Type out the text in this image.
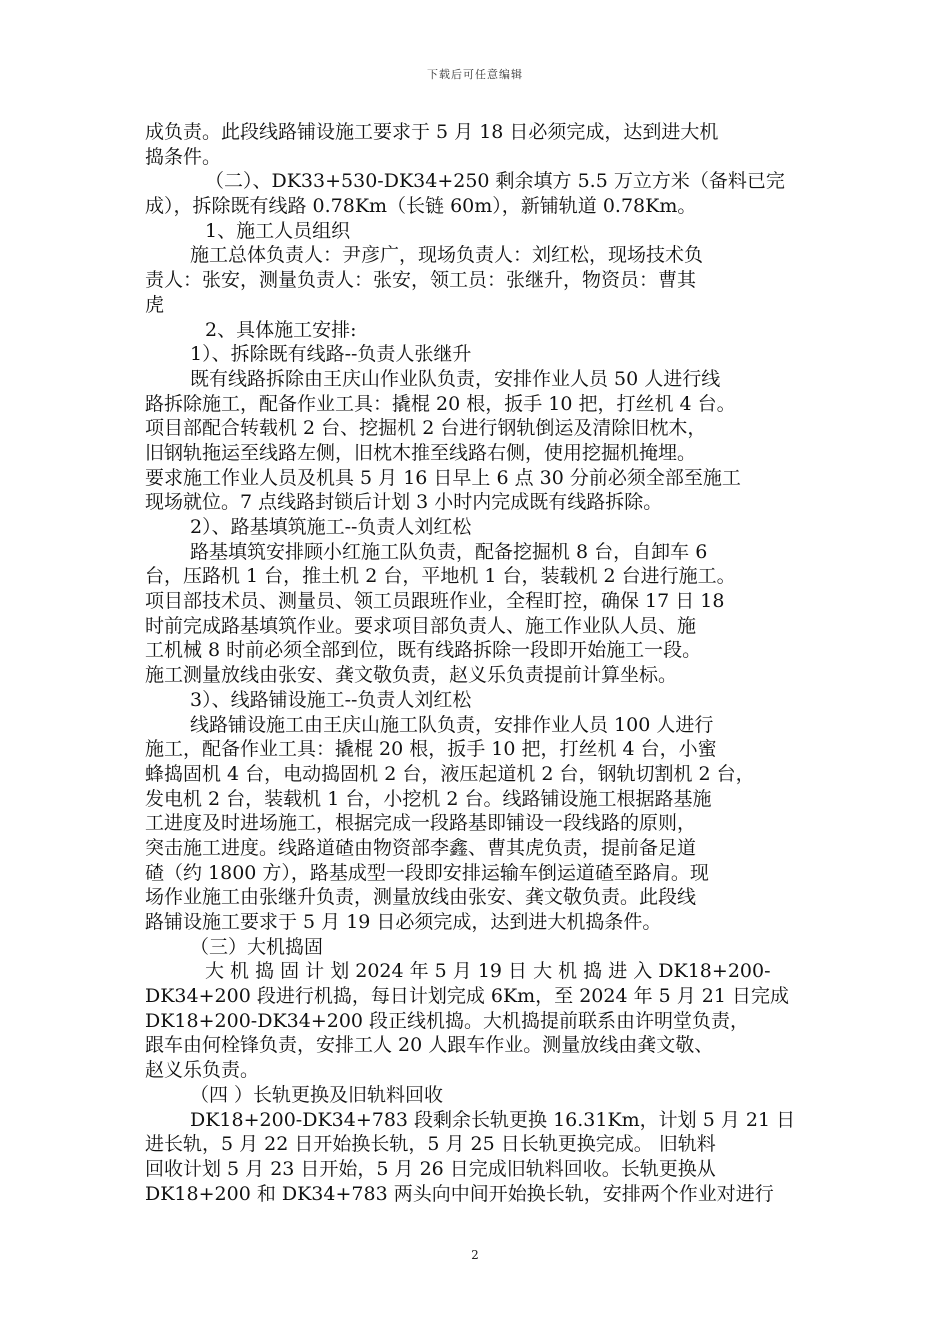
下载后可任意编辑
成负责。此段线路铺设施工要求于 5 月 18 日必须完成，达到进大机
捣条件。
（二）、DK33+530-DK34+250 剩余填方 5.5 万立方米（备料已完
成），拆除既有线路 0.78Km（长链 60m），新铺轨道 0.78Km。
1、施工人员组织
施工总体负责人：尹彦广，现场负责人：刘红松，现场技术负
责人：张安，测量负责人：张安，领工员：张继升，物资员：曹其
虎
2、具体施工安排:
1）、拆除既有线路--负责人张继升
既有线路拆除由王庆山作业队负责，安排作业人员 50 人进行线
路拆除施工，配备作业工具：撬棍 20 根，扳手 10 把，打丝机 4 台。
项目部配合转载机 2 台、挖掘机 2 台进行钢轨倒运及清除旧枕木，
旧钢轨拖运至线路左侧，旧枕木推至线路右侧，使用挖掘机掩埋。
要求施工作业人员及机具 5 月 16 日早上 6 点 30 分前必须全部至施工
现场就位。7 点线路封锁后计划 3 小时内完成既有线路拆除。
2）、路基填筑施工--负责人刘红松
路基填筑安排顾小红施工队负责，配备挖掘机 8 台，自卸车 6
台，压路机 1 台，推土机 2 台，平地机 1 台，装载机 2 台进行施工。
项目部技术员、测量员、领工员跟班作业，全程盯控，确保 17 日 18
时前完成路基填筑作业。要求项目部负责人、施工作业队人员、施
工机械 8 时前必须全部到位，既有线路拆除一段即开始施工一段。
施工测量放线由张安、龚文敬负责，赵义乐负责提前计算坐标。
3）、线路铺设施工--负责人刘红松
线路铺设施工由王庆山施工队负责，安排作业人员 100 人进行
施工，配备作业工具：撬棍 20 根，扳手 10 把，打丝机 4 台，小蜜
蜂捣固机 4 台，电动捣固机 2 台，液压起道机 2 台，钢轨切割机 2 台，
发电机 2 台，装载机 1 台，小挖机 2 台。线路铺设施工根据路基施
工进度及时进场施工，根据完成一段路基即铺设一段线路的原则，
突击施工进度。线路道碴由物资部李鑫、曹其虎负责，提前备足道
碴（约 1800 方），路基成型一段即安排运输车倒运道碴至路肩。现
场作业施工由张继升负责，测量放线由张安、龚文敬负责。此段线
路铺设施工要求于 5 月 19 日必须完成，达到进大机捣条件。
（三）大机捣固
大 机 捣 固 计 划 2024 年 5 月 19 日 大 机 捣 进 入 DK18+200-
DK34+200 段进行机捣，每日计划完成 6Km，至 2024 年 5 月 21 日完成
DK18+200-DK34+200 段正线机捣。大机捣提前联系由许明堂负责，
跟车由何栓锋负责，安排工人 20 人跟车作业。测量放线由龚文敬、
赵义乐负责。
（四 ）长轨更换及旧轨料回收
DK18+200-DK34+783 段剩余长轨更换 16.31Km，计划 5 月 21 日
进长轨，5 月 22 日开始换长轨，5 月 25 日长轨更换完成。 旧轨料
回收计划 5 月 23 日开始，5 月 26 日完成旧轨料回收。长轨更换从
DK18+200 和 DK34+783 两头向中间开始换长轨，安排两个作业对进行
2
